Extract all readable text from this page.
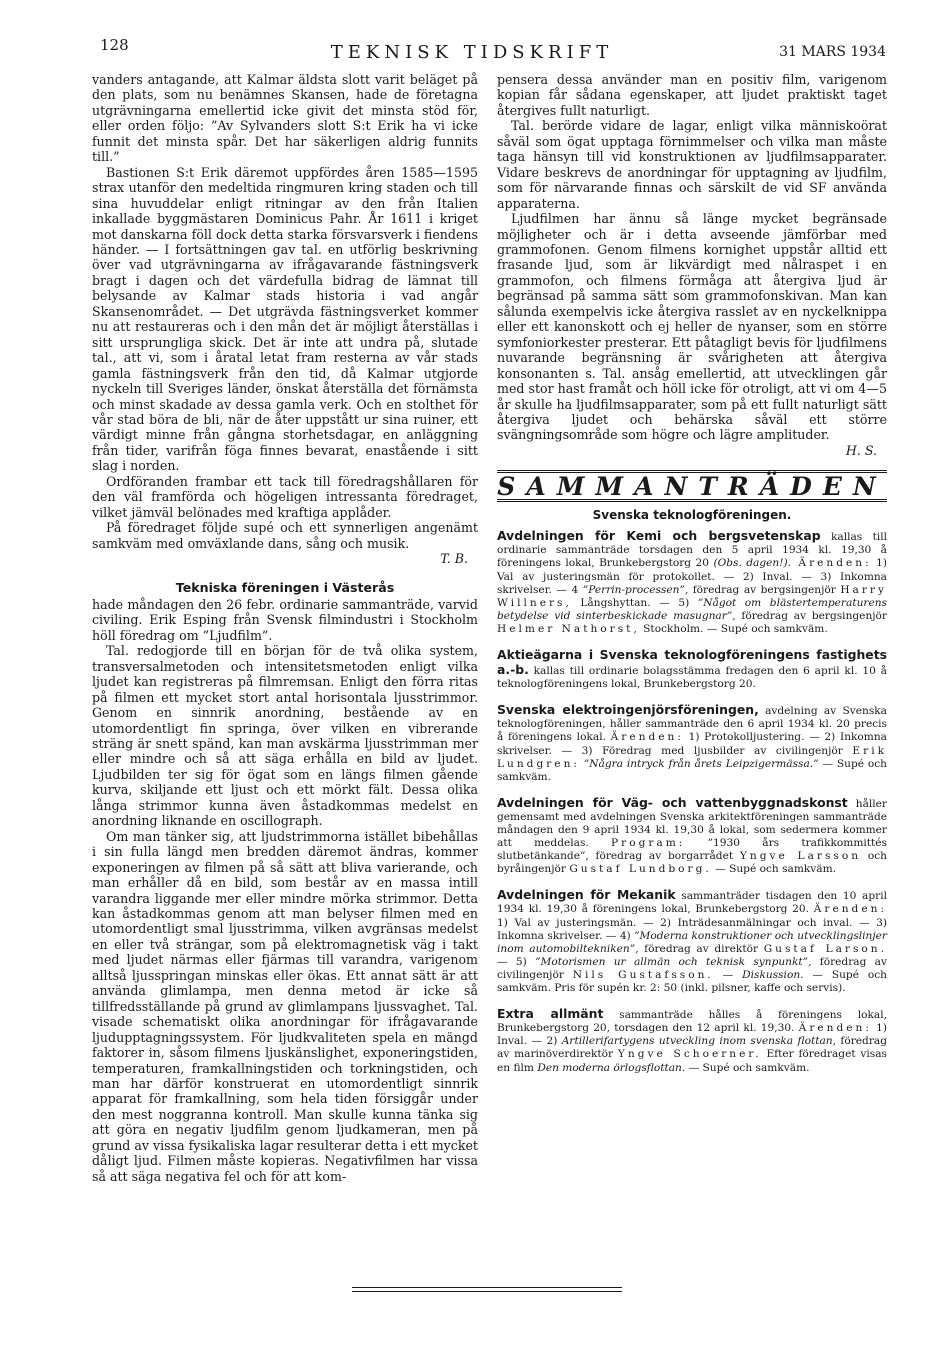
128	TEKNISK TIDSKRIFT	31 MARS 1934

vanders antagande, att Kalmar äldsta slott varit beläget på den plats, som nu benämnes Skansen, hade de företagna utgrävningarna emellertid icke givit det minsta stöd för, eller orden följo: ”Av Sylvanders slott S:t Erik ha vi icke funnit det minsta spår. Det har säkerligen aldrig funnits till.”

Bastionen S:t Erik däremot uppfördes åren 1585—1595 strax utanför den medeltida ringmuren kring staden och till sina huvuddelar enligt ritningar av den från Italien inkallade byggmästaren Dominicus Pahr. År 1611 i kriget mot danskarna föll dock detta starka försvarsverk i fiendens händer. — I fortsättningen gav tal. en utförlig beskrivning över vad utgrävningarna av ifrågavarande fästningsverk bragt i dagen och det värdefulla bidrag de lämnat till belysande av Kalmar stads historia i vad angår Skansenområdet. — Det utgrävda fästningsverket kommer nu att restaureras och i den mån det är möjligt återställas i sitt ursprungliga skick. Det är inte att undra på, slutade tal., att vi, som i åratal letat fram resterna av vår stads gamla fästningsverk från den tid, då Kalmar utgjorde nyckeln till Sveriges länder, önskat återställa det förnämsta och minst skadade av dessa gamla verk. Och en stolthet för vår stad böra de bli, när de åter uppstått ur sina ruiner, ett värdigt minne från gångna storhetsdagar, en anläggning från tider, varifrån föga finnes bevarat, enastående i sitt slag i norden.

Ordföranden frambar ett tack till föredragshållaren för den väl framförda och högeligen intressanta föredraget, vilket jämväl belönades med kraftiga applåder.

På föredraget följde supé och ett synnerligen angenämt samkväm med omväxlande dans, sång och musik.

T. B.
Tekniska föreningen i Västerås

hade måndagen den 26 febr. ordinarie sammanträde, varvid civiling. Erik Esping från Svensk filmindustri i Stockholm höll föredrag om ”Ljudfilm”.

Tal. redogjorde till en början för de två olika system, transversalmetoden och intensitetsmetoden enligt vilka ljudet kan registreras på filmremsan. Enligt den förra ritas på filmen ett mycket stort antal horisontala ljusstrimmor. Genom en sinnrik anordning, bestående av en utomordentligt fin springa, över vilken en vibrerande sträng är snett spänd, kan man avskärma ljusstrimman mer eller mindre och så att säga erhålla en bild av ljudet. Ljudbilden ter sig för ögat som en längs filmen gående kurva, skiljande ett ljust och ett mörkt fält. Dessa olika långa strimmor kunna även åstadkommas medelst en anordning liknande en oscillograph.

Om man tänker sig, att ljudstrimmorna istället bibehållas i sin fulla längd men bredden däremot ändras, kommer exponeringen av filmen på så sätt att bliva varierande, och man erhåller då en bild, som består av en massa intill varandra liggande mer eller mindre mörka strimmor. Detta kan åstadkommas genom att man belyser filmen med en utomordentligt smal ljusstrimma, vilken avgränsas medelst en eller två strängar, som på elektromagnetisk väg i takt med ljudet närmas eller fjärmas till varandra, varigenom alltså ljusspringan minskas eller ökas. Ett annat sätt är att använda glimlampa, men denna metod är icke så tillfredsställande på grund av glimlampans ljussvaghet. Tal. visade schematiskt olika anordningar för ifrågavarande ljudupptagningssystem. För ljudkvaliteten spela en mängd faktorer in, såsom filmens ljuskänslighet, exponeringstiden, temperaturen, framkallningstiden och torkningstiden, och man har därför konstruerat en utomordentligt sinnrik apparat för framkallning, som hela tiden försiggår under den mest noggranna kontroll. Man skulle kunna tänka sig att göra en negativ ljudfilm genom ljudkameran, men på grund av vissa fysikaliska lagar resulterar detta i ett mycket dåligt ljud. Filmen måste kopieras. Negativfilmen har vissa så att säga negativa fel och för att kom-

pensera dessa använder man en positiv film, varigenom kopian får sådana egenskaper, att ljudet praktiskt taget återgives fullt naturligt.

Tal. berörde vidare de lagar, enligt vilka människoörat såväl som ögat upptaga förnimmelser och vilka man måste taga hänsyn till vid konstruktionen av ljudfilmsapparater. Vidare beskrevs de anordningar för upptagning av ljudfilm, som för närvarande finnas och särskilt de vid SF använda apparaterna.

Ljudfilmen har ännu så länge mycket begränsade möjligheter och är i detta avseende jämförbar med grammofonen. Genom filmens kornighet uppstår alltid ett frasande ljud, som är likvärdigt med nålraspet i en grammofon, och filmens förmåga att återgiva ljud är begränsad på samma sätt som grammofonskivan. Man kan sålunda exempelvis icke återgiva rasslet av en nyckelknippa eller ett kanonskott och ej heller de nyanser, som en större symfoniorkester presterar. Ett påtagligt bevis för ljudfilmens nuvarande begränsning är svårigheten att återgiva konsonanten s. Tal. ansåg emellertid, att utvecklingen går med stor hast framåt och höll icke för otroligt, att vi om 4—5 år skulle ha ljudfilmsapparater, som på ett fullt naturligt sätt återgiva ljudet och behärska såväl ett större svängningsområde som högre och lägre amplituder.

H. S.
SAMMANTRÄDEN
Svenska teknologföreningen.
Avdelningen för Kemi och bergsvetenskap kallas till ordinarie sammanträde torsdagen den 5 april 1934 kl. 19,30 å föreningens lokal, Brunkebergstorg 20 (Obs. dagen!). Ärenden: 1) Val av justeringsmän för protokollet. — 2) Inval. — 3) Inkomna skrivelser. — 4 ”Perrin-processen”, föredrag av bergsingenjör Harry Willners, Långshyttan. — 5) ”Något om blästertemperaturens betydelse vid sinterbeskickade masugnar”, föredrag av bergsingenjör Helmer Nathorst, Stockholm. — Supé och samkväm.
Aktieägarna i Svenska teknologföreningens fastighets a.-b. kallas till ordinarie bolagsstämma fredagen den 6 april kl. 10 å teknologföreningens lokal, Brunkebergstorg 20.
Svenska elektroingenjörsföreningen, avdelning av Svenska teknologföreningen, håller sammanträde den 6 april 1934 kl. 20 precis å föreningens lokal. Ärenden: 1) Protokolljustering. — 2) Inkomna skrivelser. — 3) Föredrag med ljusbilder av civilingenjör Erik Lundgren: ”Några intryck från årets Leipzigermässa.” — Supé och samkväm.
Avdelningen för Väg- och vattenbyggnadskonst håller gemensamt med avdelningen Svenska arkitektföreningen sammanträde måndagen den 9 april 1934 kl. 19,30 å lokal, som sedermera kommer att meddelas. Program: ”1930 års trafikkommittés slutbetänkande”, föredrag av borgarrådet Yngve Larsson och byråingenjör Gustaf Lundborg. — Supé och samkväm.
Avdelningen för Mekanik sammanträder tisdagen den 10 april 1934 kl. 19,30 å föreningens lokal, Brunkebergstorg 20. Ärenden: 1) Val av justeringsmän. — 2) Inträdesanmälningar och inval. — 3) Inkomna skrivelser. — 4) ”Moderna konstruktioner och utvecklingslinjer inom automobiltekniken”, föredrag av direktör Gustaf Larson. — 5) ”Motorismen ur allmän och teknisk synpunkt”, föredrag av civilingenjör Nils Gustafsson. — Diskussion. — Supé och samkväm. Pris för supén kr. 2: 50 (inkl. pilsner, kaffe och servis).
Extra allmänt sammanträde hålles å föreningens lokal, Brunkebergstorg 20, torsdagen den 12 april kl. 19,30. Ärenden: 1) Inval. — 2) Artillerifartygens utveckling inom svenska flottan, föredrag av marinöverdirektör Yngve Schoerner. Efter föredraget visas en film Den moderna örlogsflottan. — Supé och samkväm.
